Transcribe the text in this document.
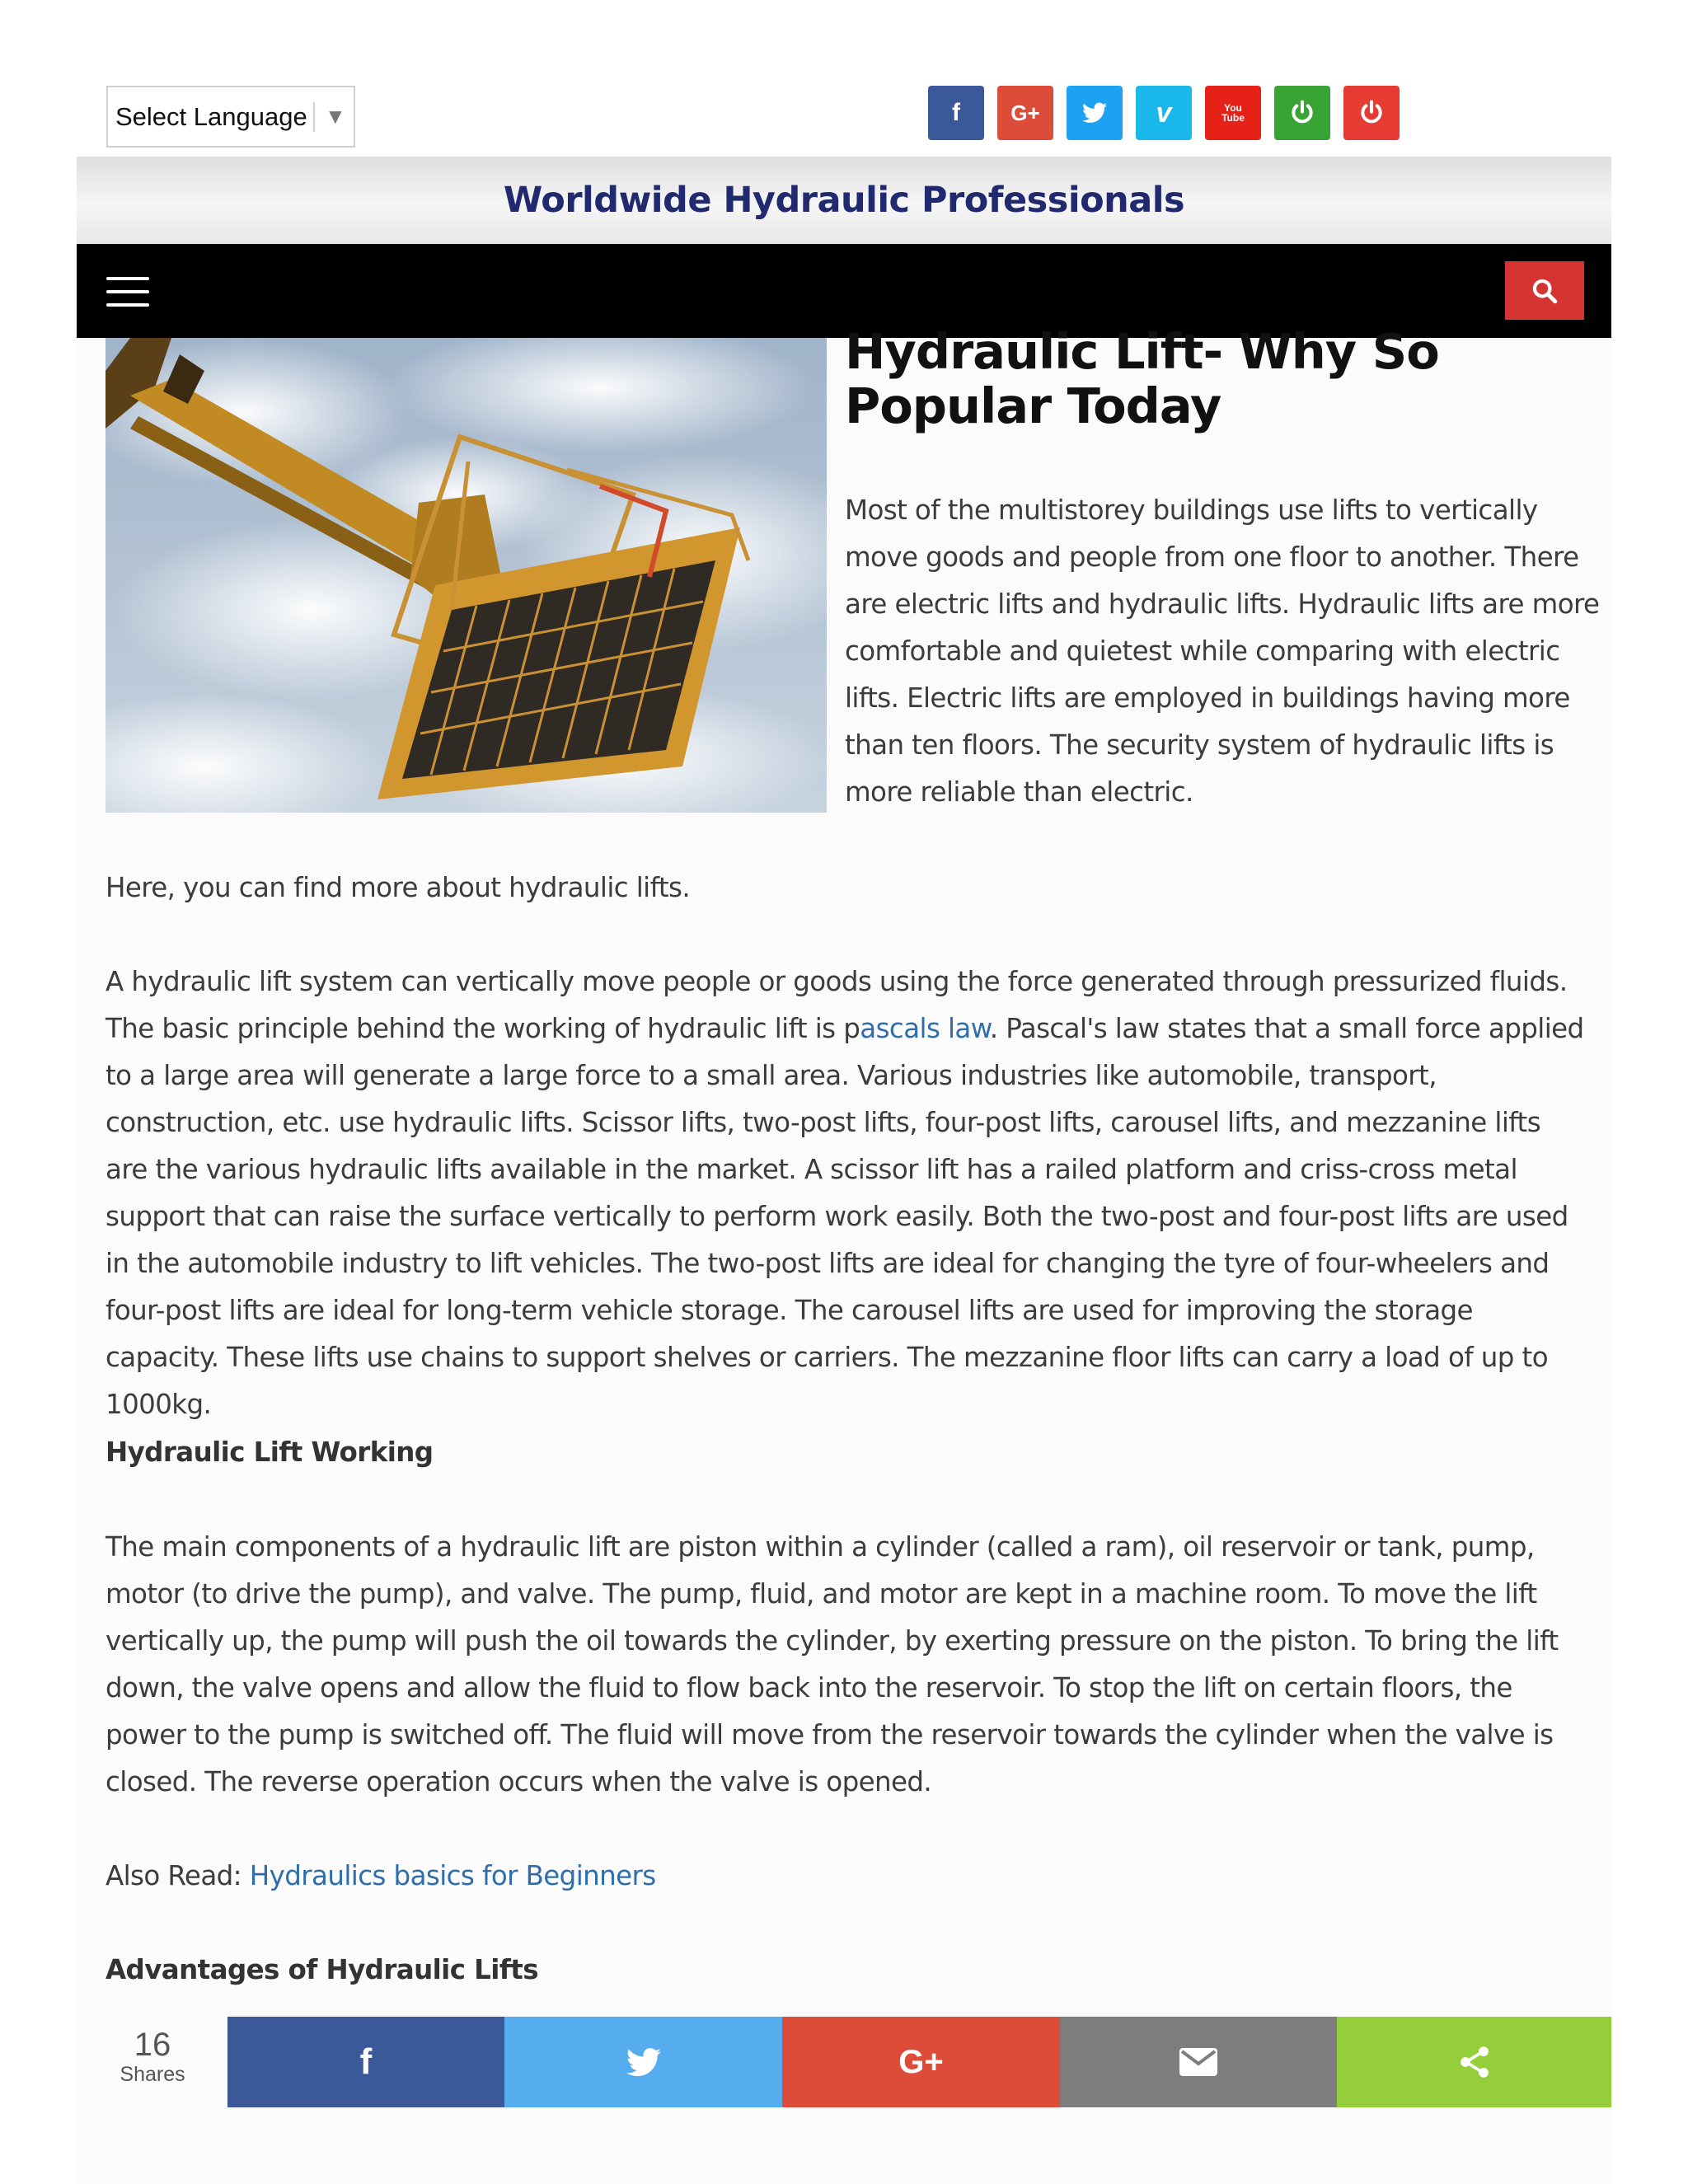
Select Language ▼	f G+	v	You Tube
Worldwide Hydraulic Professionals
Hydraulic Lift- Why So Popular Today

Most of the multistorey buildings use lifts to vertically move goods and people from one floor to another. There are electric lifts and hydraulic lifts. Hydraulic lifts are more comfortable and quietest while comparing with electric lifts. Electric lifts are employed in buildings having more than ten floors. The security system of hydraulic lifts is more reliable than electric.

Here, you can find more about hydraulic lifts.

A hydraulic lift system can vertically move people or goods using the force generated through pressurized fluids. The basic principle behind the working of hydraulic lift is pascals law. Pascal's law states that a small force applied to a large area will generate a large force to a small area. Various industries like automobile, transport, construction, etc. use hydraulic lifts. Scissor lifts, two-post lifts, four-post lifts, carousel lifts, and mezzanine lifts are the various hydraulic lifts available in the market. A scissor lift has a railed platform and criss-cross metal support that can raise the surface vertically to perform work easily. Both the two-post and four-post lifts are used in the automobile industry to lift vehicles. The two-post lifts are ideal for changing the tyre of four-wheelers and four-post lifts are ideal for long-term vehicle storage. The carousel lifts are used for improving the storage capacity. These lifts use chains to support shelves or carriers. The mezzanine floor lifts can carry a load of up to 1000kg.

Hydraulic Lift Working

The main components of a hydraulic lift are piston within a cylinder (called a ram), oil reservoir or tank, pump, motor (to drive the pump), and valve. The pump, fluid, and motor are kept in a machine room. To move the lift vertically up, the pump will push the oil towards the cylinder, by exerting pressure on the piston. To bring the lift down, the valve opens and allow the fluid to flow back into the reservoir. To stop the lift on certain floors, the power to the pump is switched off. The fluid will move from the reservoir towards the cylinder when the valve is closed. The reverse operation occurs when the valve is opened.

Also Read: Hydraulics basics for Beginners

Advantages of Hydraulic Lifts
16
Shares	f	G+
